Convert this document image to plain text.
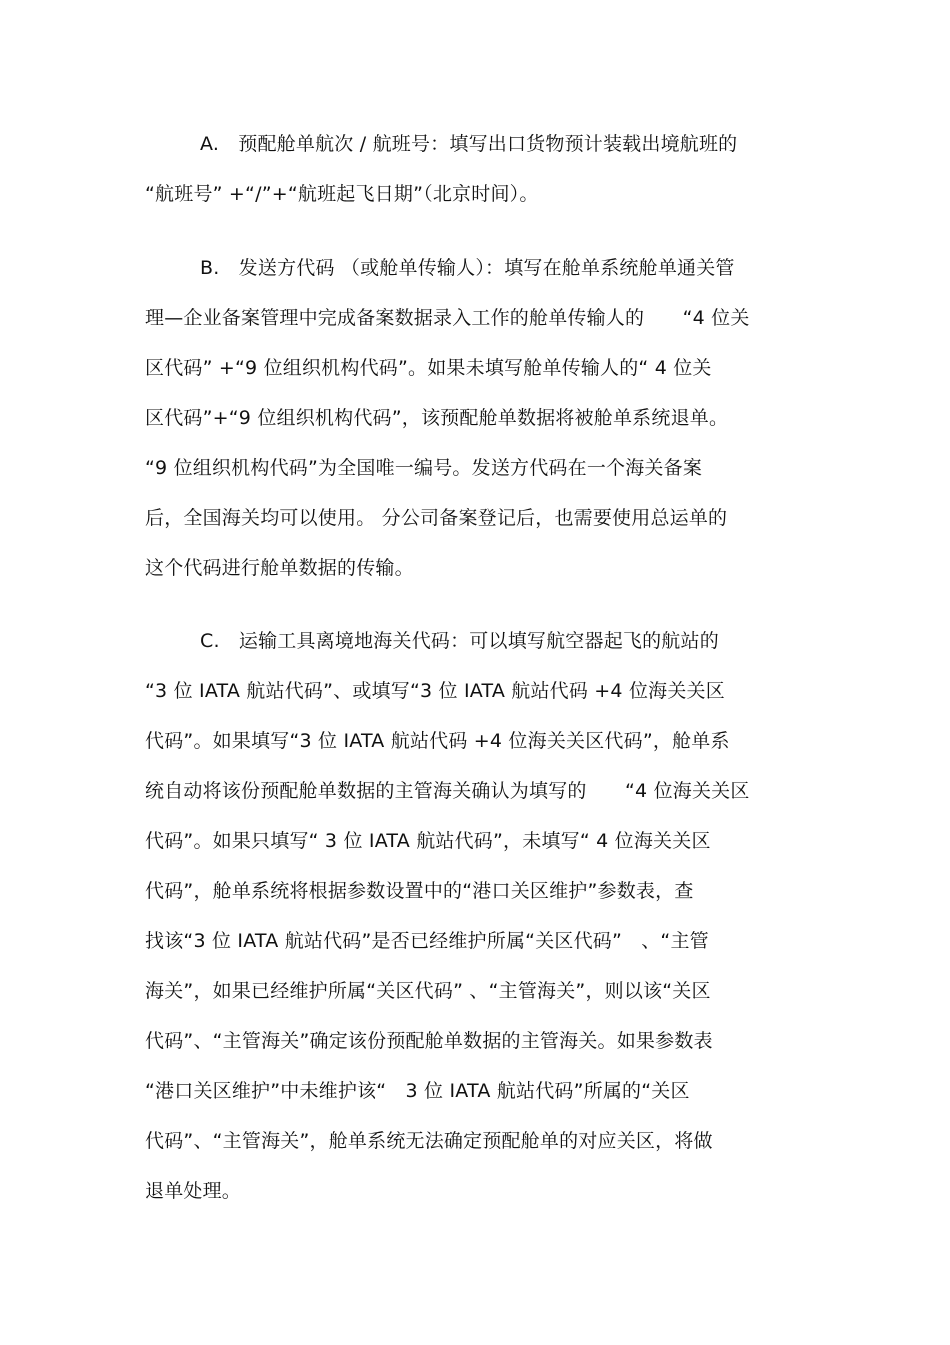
A.　预配舱单航次 / 航班号：填写出口货物预计装载出境航班的
“航班号” +“/”+“航班起飞日期”（北京时间）。
B.　发送方代码 （或舱单传输人）：填写在舱单系统舱单通关管
理—企业备案管理中完成备案数据录入工作的舱单传输人的　　“4 位关
区代码” +“9 位组织机构代码”。如果未填写舱单传输人的“ 4 位关
区代码”+“9 位组织机构代码”，该预配舱单数据将被舱单系统退单。
“9 位组织机构代码”为全国唯一编号。发送方代码在一个海关备案
后，全国海关均可以使用。 分公司备案登记后，也需要使用总运单的
这个代码进行舱单数据的传输。
C.　运输工具离境地海关代码：可以填写航空器起飞的航站的
“3 位 IATA 航站代码”、或填写“3 位 IATA 航站代码 +4 位海关关区
代码”。如果填写“3 位 IATA 航站代码 +4 位海关关区代码”，舱单系
统自动将该份预配舱单数据的主管海关确认为填写的　　“4 位海关关区
代码”。如果只填写“ 3 位 IATA 航站代码”，未填写“ 4 位海关关区
代码”，舱单系统将根据参数设置中的“港口关区维护”参数表，查
找该“3 位 IATA 航站代码”是否已经维护所属“关区代码”　、“主管
海关”，如果已经维护所属“关区代码” 、“主管海关”，则以该“关区
代码”、“主管海关”确定该份预配舱单数据的主管海关。如果参数表
“港口关区维护”中未维护该“　3 位 IATA 航站代码”所属的“关区
代码”、“主管海关”，舱单系统无法确定预配舱单的对应关区，将做
退单处理。
